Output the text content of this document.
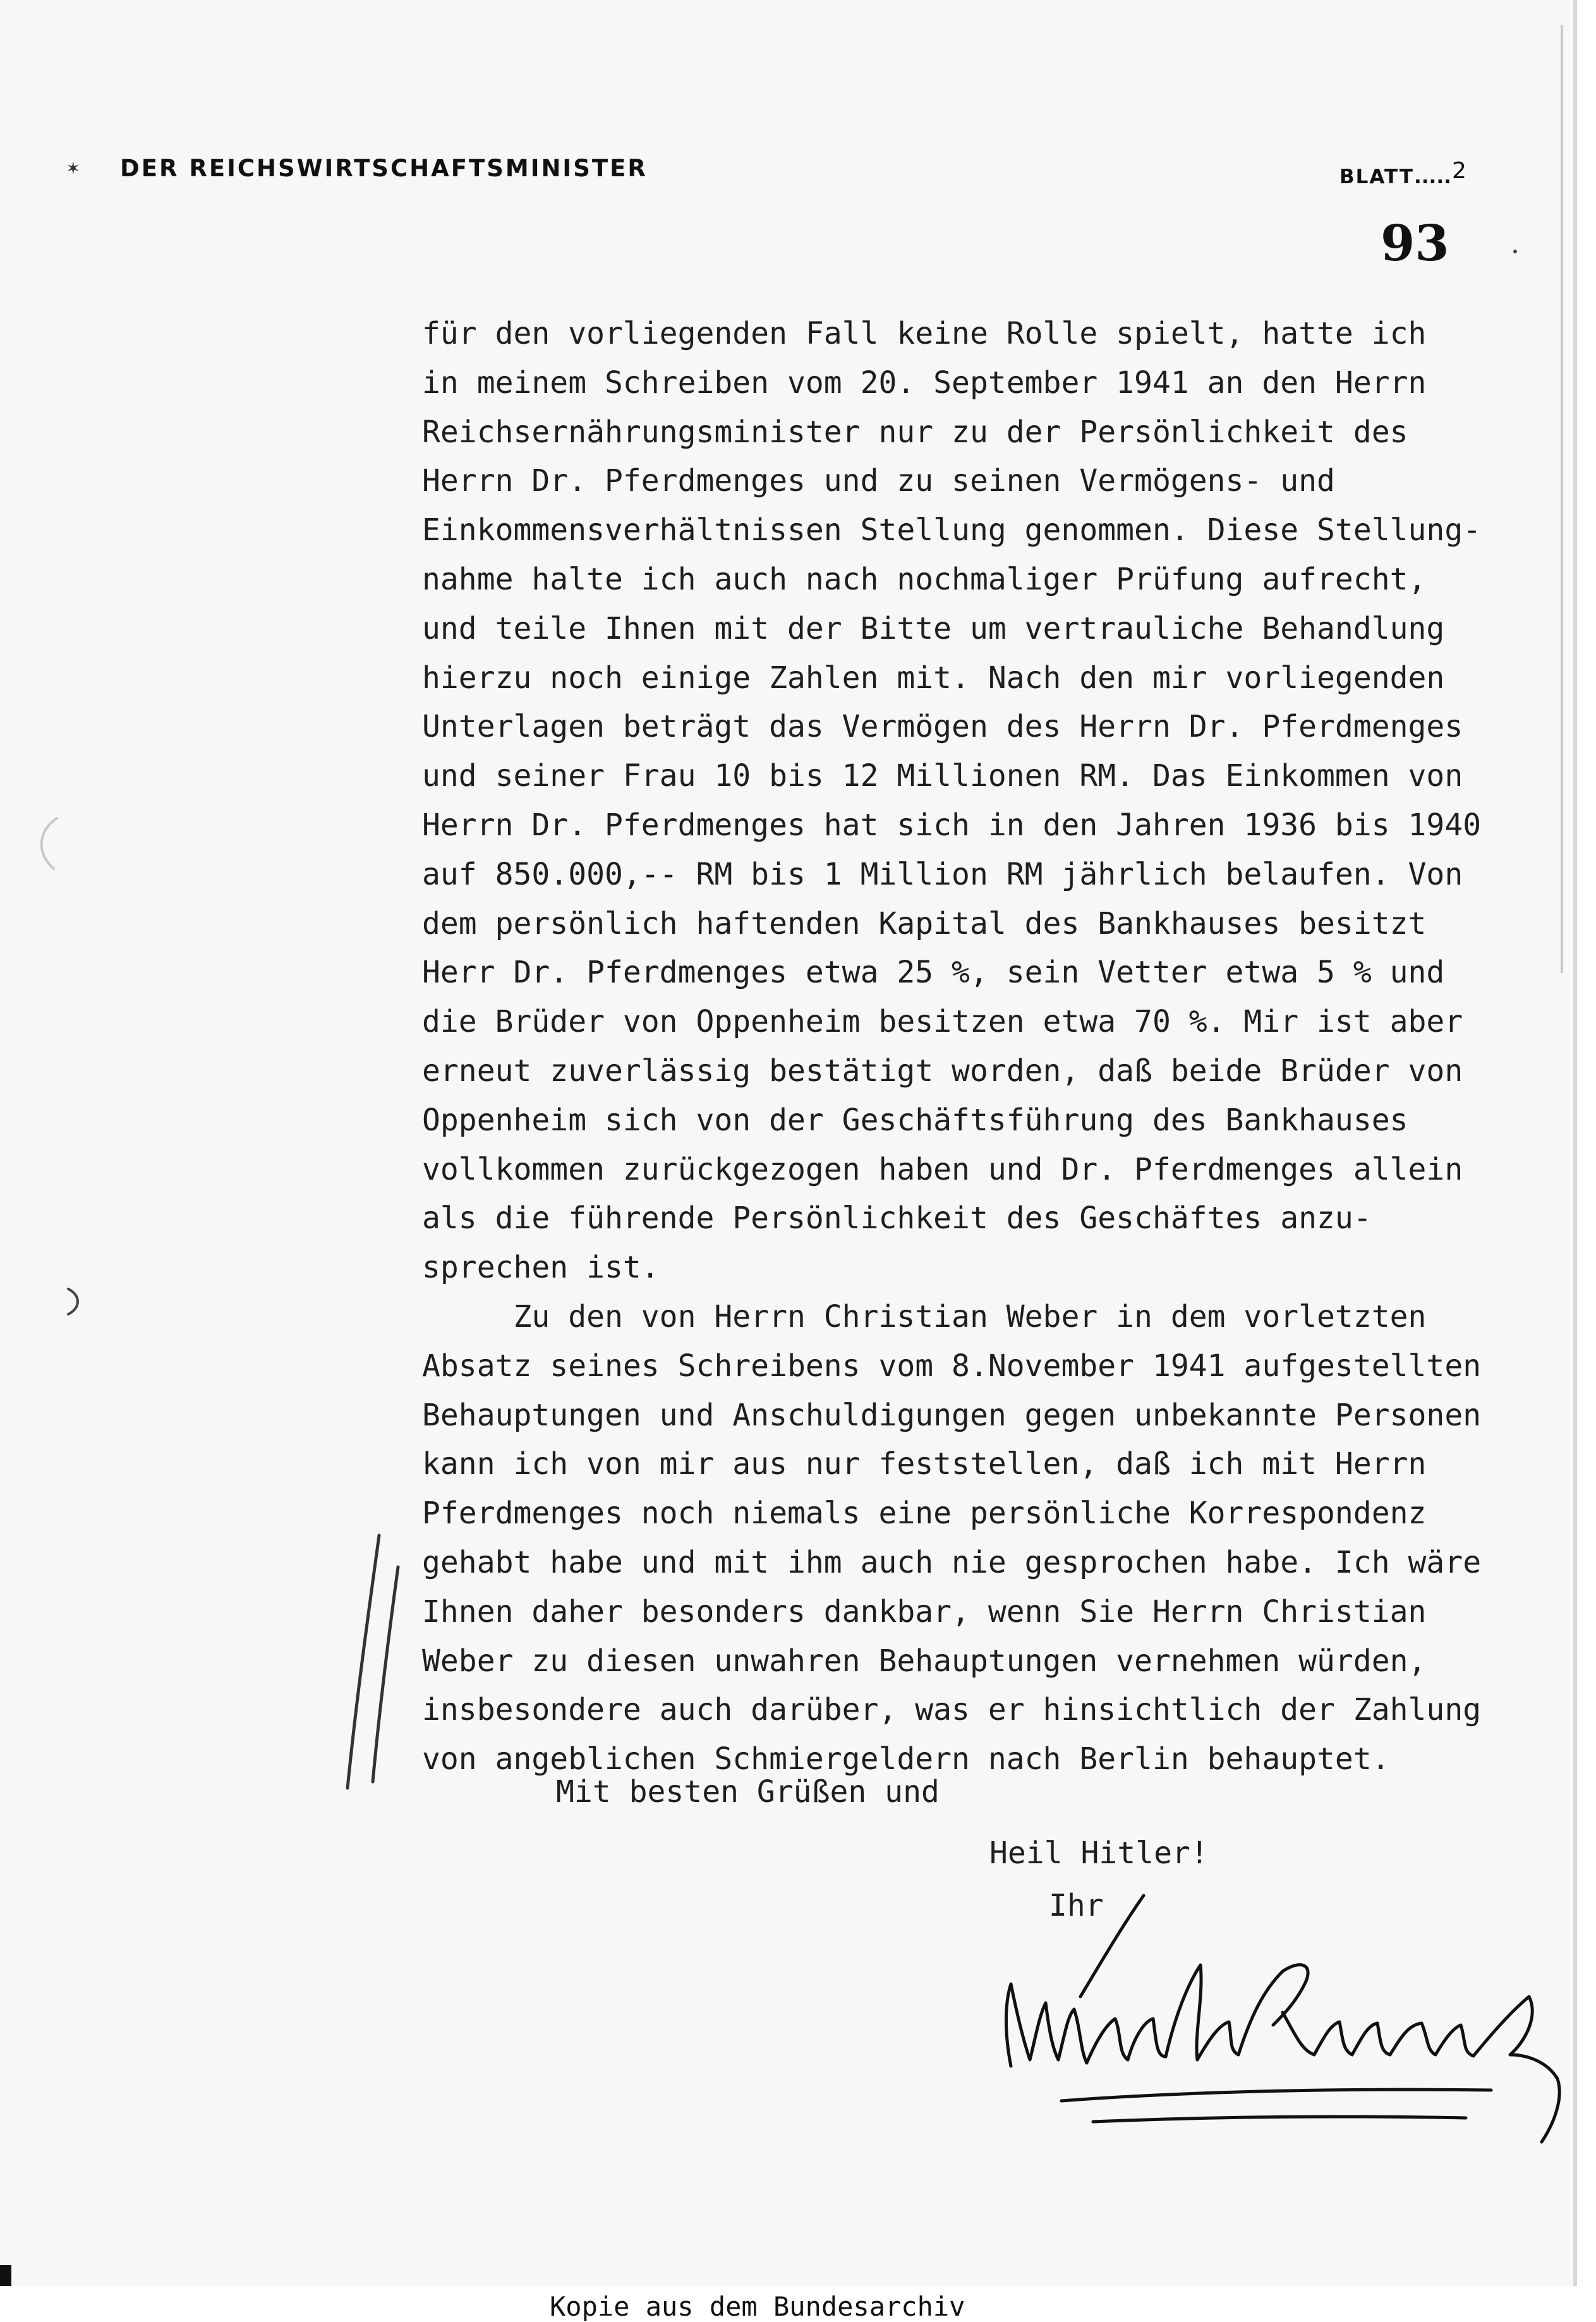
✶ DER REICHSWIRTSCHAFTSMINISTER	BLATT..... 2
93
für den vorliegenden Fall keine Rolle spielt, hatte ich
in meinem Schreiben vom 20. September 1941 an den Herrn
Reichsernährungsminister nur zu der Persönlichkeit des
Herrn Dr. Pferdmenges und zu seinen Vermögens- und
Einkommensverhältnissen Stellung genommen. Diese Stellung-
nahme halte ich auch nach nochmaliger Prüfung aufrecht,
und teile Ihnen mit der Bitte um vertrauliche Behandlung
hierzu noch einige Zahlen mit. Nach den mir vorliegenden
Unterlagen beträgt das Vermögen des Herrn Dr. Pferdmenges
und seiner Frau 10 bis 12 Millionen RM. Das Einkommen von
Herrn Dr. Pferdmenges hat sich in den Jahren 1936 bis 1940
auf 850.000,-- RM bis 1 Million RM jährlich belaufen. Von
dem persönlich haftenden Kapital des Bankhauses besitzt
Herr Dr. Pferdmenges etwa 25 %, sein Vetter etwa 5 % und
die Brüder von Oppenheim besitzen etwa 70 %. Mir ist aber
erneut zuverlässig bestätigt worden, daß beide Brüder von
Oppenheim sich von der Geschäftsführung des Bankhauses
vollkommen zurückgezogen haben und Dr. Pferdmenges allein
als die führende Persönlichkeit des Geschäftes anzu-
sprechen ist.
Zu den von Herrn Christian Weber in dem vorletzten
Absatz seines Schreibens vom 8.November 1941 aufgestellten
Behauptungen und Anschuldigungen gegen unbekannte Personen
kann ich von mir aus nur feststellen, daß ich mit Herrn
Pferdmenges noch niemals eine persönliche Korrespondenz
gehabt habe und mit ihm auch nie gesprochen habe. Ich wäre
Ihnen daher besonders dankbar, wenn Sie Herrn Christian
Weber zu diesen unwahren Behauptungen vernehmen würden,
insbesondere auch darüber, was er hinsichtlich der Zahlung
von angeblichen Schmiergeldern nach Berlin behauptet.
Mit besten Grüßen und
Heil Hitler!
Ihr
Kopie aus dem Bundesarchiv
